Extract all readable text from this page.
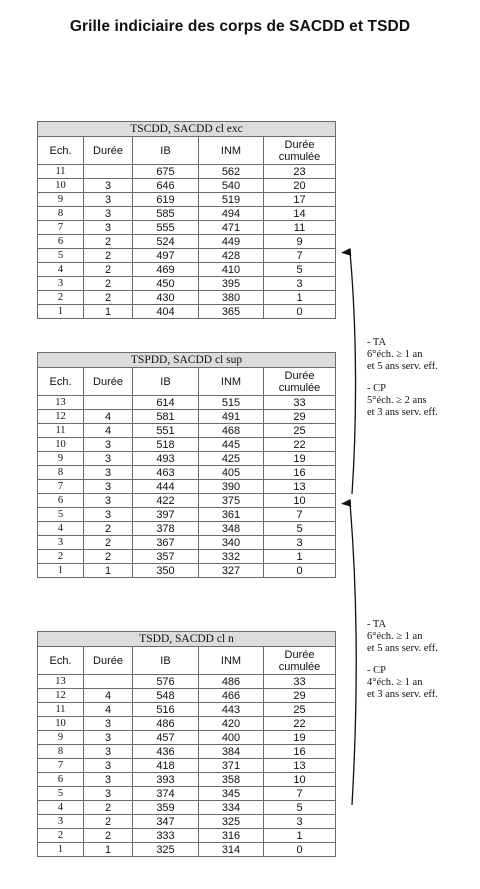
Grille indiciaire des corps de SACDD et TSDD
TSCDD, SACDD cl exc				
Ech.	Durée	IB	INM	Durée
cumulée
11		675	562	23
10	3	646	540	20
9	3	619	519	17
8	3	585	494	14
7	3	555	471	11
6	2	524	449	9
5	2	497	428	7
4	2	469	410	5
3	2	450	395	3
2	2	430	380	1
1	1	404	365	0
TSPDD, SACDD cl sup				
Ech.	Durée	IB	INM	Durée
cumulée
13		614	515	33
12	4	581	491	29
11	4	551	468	25
10	3	518	445	22
9	3	493	425	19
8	3	463	405	16
7	3	444	390	13
6	3	422	375	10
5	3	397	361	7
4	2	378	348	5
3	2	367	340	3
2	2	357	332	1
1	1	350	327	0
TSDD, SACDD cl n				
Ech.	Durée	IB	INM	Durée
cumulée
13		576	486	33
12	4	548	466	29
11	4	516	443	25
10	3	486	420	22
9	3	457	400	19
8	3	436	384	16
7	3	418	371	13
6	3	393	358	10
5	3	374	345	7
4	2	359	334	5
3	2	347	325	3
2	2	333	316	1
1	1	325	314	0

- TA

6°éch. ≥ 1 an

et 5 ans serv. eff.

- CP

5°éch. ≥ 2 ans

et 3 ans serv. eff.

- TA

6°éch. ≥ 1 an

et 5 ans serv. eff.

- CP

4°éch. ≥ 1 an

et 3 ans serv. eff.
